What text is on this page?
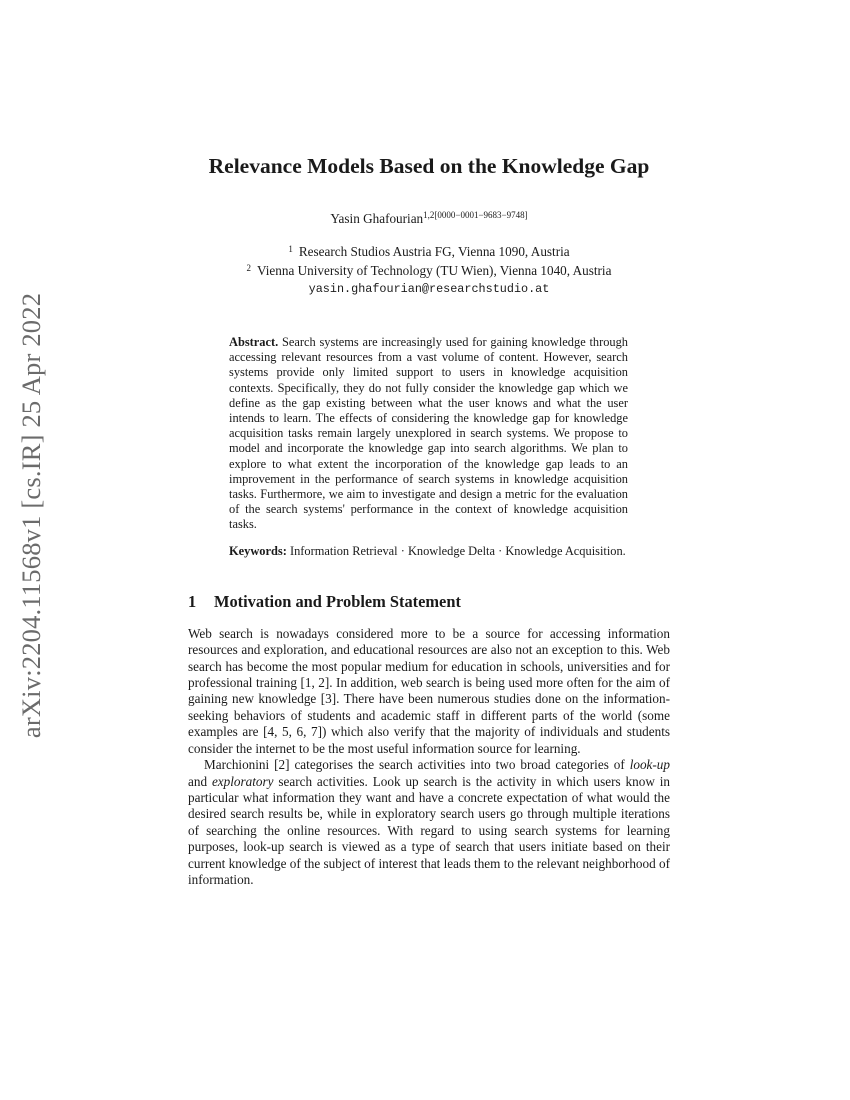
arXiv:2204.11568v1 [cs.IR] 25 Apr 2022
Relevance Models Based on the Knowledge Gap
Yasin Ghafourian$^{1,2[0000-0001-9683-9748]}$
$^1$ Research Studios Austria FG, Vienna 1090, Austria
$^2$ Vienna University of Technology (TU Wien), Vienna 1040, Austria
yasin.ghafourian@researchstudio.at
Abstract. Search systems are increasingly used for gaining knowledge through accessing relevant resources from a vast volume of content. However, search systems provide only limited support to users in knowledge acquisition contexts. Specifically, they do not fully consider the knowledge gap which we define as the gap existing between what the user knows and what the user intends to learn. The effects of considering the knowledge gap for knowledge acquisition tasks remain largely unexplored in search systems. We propose to model and incorporate the knowledge gap into search algorithms. We plan to explore to what extent the incorporation of the knowledge gap leads to an improvement in the performance of search systems in knowledge acquisition tasks. Furthermore, we aim to investigate and design a metric for the evaluation of the search systems' performance in the context of knowledge acquisition tasks.
Keywords: Information Retrieval · Knowledge Delta · Knowledge Acquisition.
1 Motivation and Problem Statement

Web search is nowadays considered more to be a source for accessing information resources and exploration, and educational resources are also not an exception to this. Web search has become the most popular medium for education in schools, universities and for professional training [1, 2]. In addition, web search is being used more often for the aim of gaining new knowledge [3]. There have been numerous studies done on the information-seeking behaviors of students and academic staff in different parts of the world (some examples are [4, 5, 6, 7]) which also verify that the majority of individuals and students consider the internet to be the most useful information source for learning.

Marchionini [2] categorises the search activities into two broad categories of look-up and exploratory search activities. Look up search is the activity in which users know in particular what information they want and have a concrete expectation of what would the desired search results be, while in exploratory search users go through multiple iterations of searching the online resources. With regard to using search systems for learning purposes, look-up search is viewed as a type of search that users initiate based on their current knowledge of the subject of interest that leads them to the relevant neighborhood of information.
